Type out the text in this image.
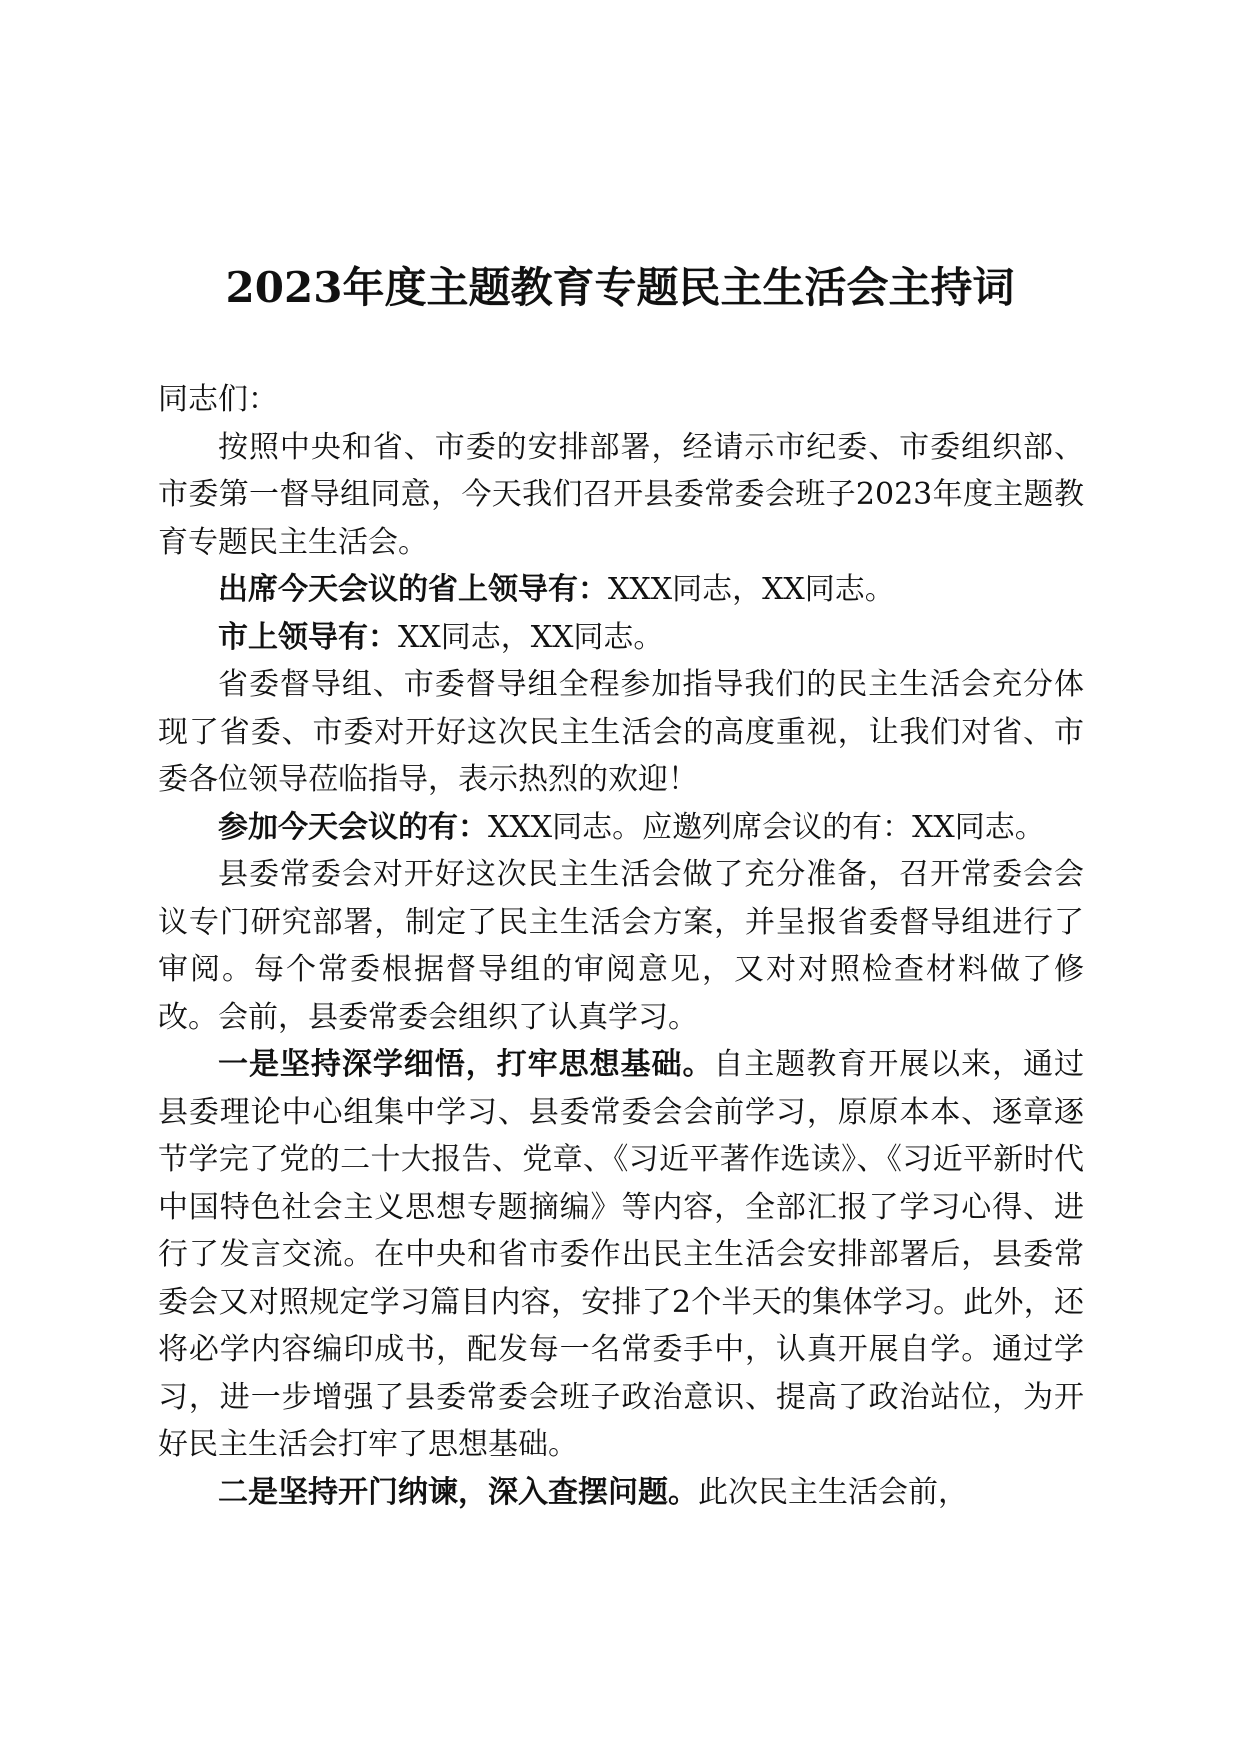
2023年度主题教育专题民主生活会主持词

同志们：

按照中央和省、市委的安排部署，经请示市纪委、市委组织部、市委第一督导组同意，今天我们召开县委常委会班子2023年度主题教育专题民主生活会。

出席今天会议的省上领导有：XXX同志，XX同志。

市上领导有：XX同志，XX同志。

省委督导组、市委督导组全程参加指导我们的民主生活会充分体现了省委、市委对开好这次民主生活会的高度重视，让我们对省、市委各位领导莅临指导，表示热烈的欢迎！

参加今天会议的有：XXX同志。应邀列席会议的有：XX同志。

县委常委会对开好这次民主生活会做了充分准备，召开常委会会议专门研究部署，制定了民主生活会方案，并呈报省委督导组进行了审阅。每个常委根据督导组的审阅意见，又对对照检查材料做了修改。会前，县委常委会组织了认真学习。

一是坚持深学细悟，打牢思想基础。自主题教育开展以来，通过县委理论中心组集中学习、县委常委会会前学习，原原本本、逐章逐节学完了党的二十大报告、党章、《习近平著作选读》、《习近平新时代中国特色社会主义思想专题摘编》等内容，全部汇报了学习心得、进行了发言交流。在中央和省市委作出民主生活会安排部署后，县委常委会又对照规定学习篇目内容，安排了2个半天的集体学习。此外，还将必学内容编印成书，配发每一名常委手中，认真开展自学。通过学习，进一步增强了县委常委会班子政治意识、提高了政治站位，为开好民主生活会打牢了思想基础。

二是坚持开门纳谏，深入查摆问题。此次民主生活会前，
